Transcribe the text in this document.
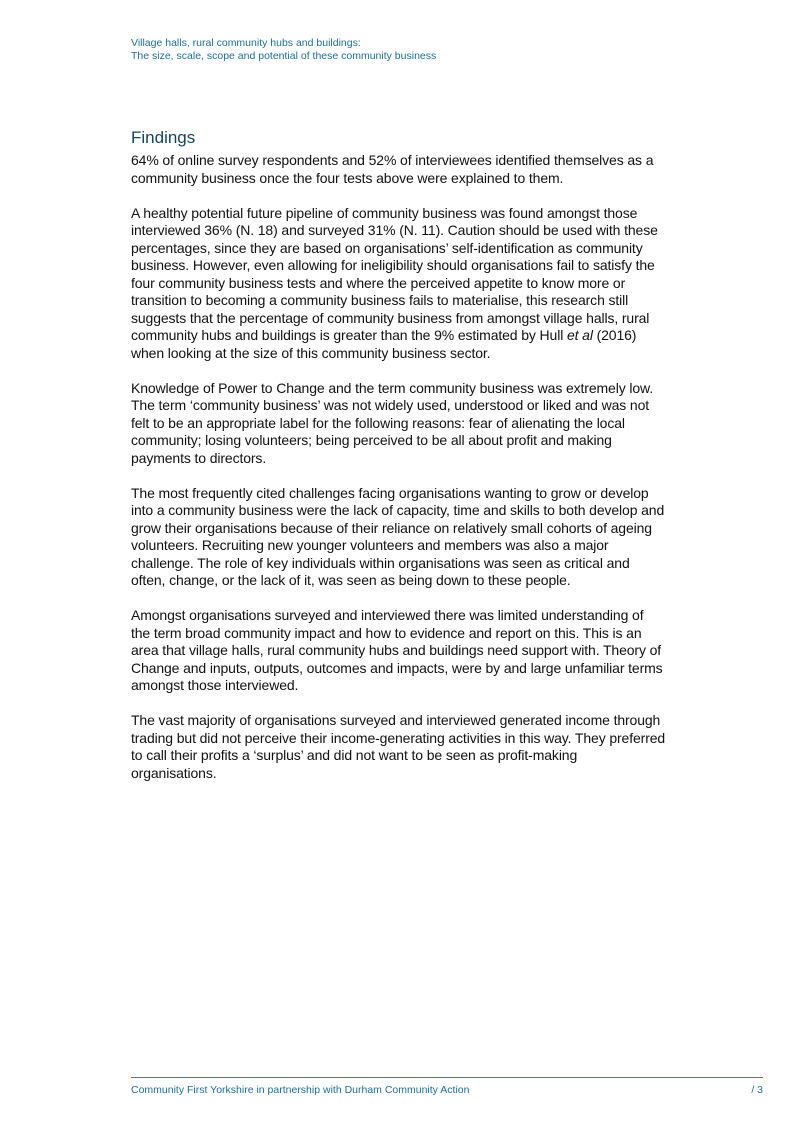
Village halls, rural community hubs and buildings:
The size, scale, scope and potential of these community business
Findings

64% of online survey respondents and 52% of interviewees identified themselves as a community business once the four tests above were explained to them.

A healthy potential future pipeline of community business was found amongst those interviewed 36% (N. 18) and surveyed 31% (N. 11). Caution should be used with these percentages, since they are based on organisations’ self-identification as community business. However, even allowing for ineligibility should organisations fail to satisfy the four community business tests and where the perceived appetite to know more or transition to becoming a community business fails to materialise, this research still suggests that the percentage of community business from amongst village halls, rural community hubs and buildings is greater than the 9% estimated by Hull et al (2016) when looking at the size of this community business sector.

Knowledge of Power to Change and the term community business was extremely low. The term ‘community business’ was not widely used, understood or liked and was not felt to be an appropriate label for the following reasons: fear of alienating the local community; losing volunteers; being perceived to be all about profit and making payments to directors.

The most frequently cited challenges facing organisations wanting to grow or develop into a community business were the lack of capacity, time and skills to both develop and grow their organisations because of their reliance on relatively small cohorts of ageing volunteers. Recruiting new younger volunteers and members was also a major challenge. The role of key individuals within organisations was seen as critical and often, change, or the lack of it, was seen as being down to these people.

Amongst organisations surveyed and interviewed there was limited understanding of the term broad community impact and how to evidence and report on this. This is an area that village halls, rural community hubs and buildings need support with. Theory of Change and inputs, outputs, outcomes and impacts, were by and large unfamiliar terms amongst those interviewed.

The vast majority of organisations surveyed and interviewed generated income through trading but did not perceive their income-generating activities in this way. They preferred to call their profits a ‘surplus’ and did not want to be seen as profit-making organisations.

Community First Yorkshire in partnership with Durham Community Action	/ 3
